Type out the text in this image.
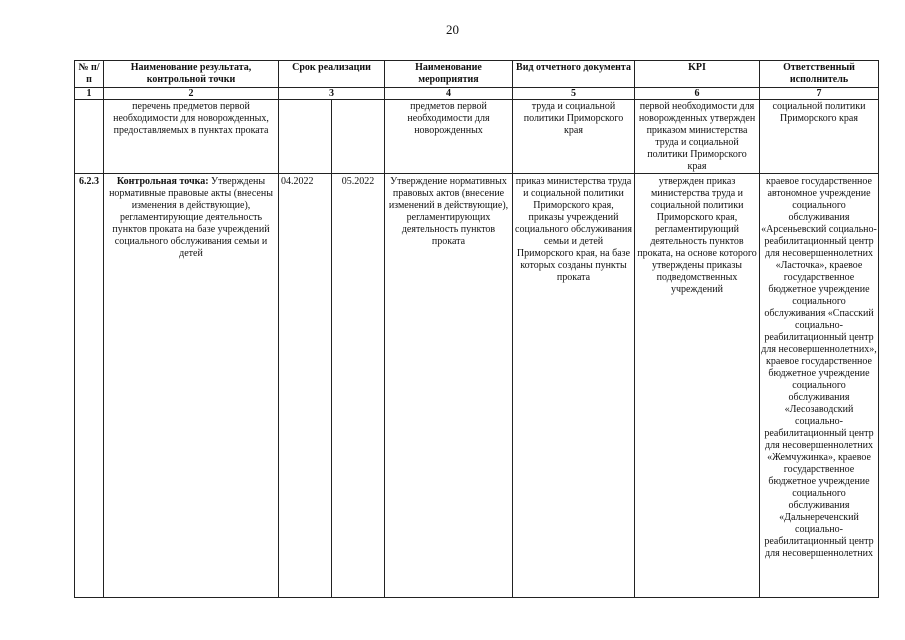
20
№ п/п	Наименование результата, контрольной точки	Срок реализации		Наименование мероприятия	Вид отчетного документа	KPI	Ответственный исполнитель
1	2	3		4	5	6	7
	перечень предметов первой необходимости для новорожденных, предоставляемых в пунктах проката			предметов первой необходимости для новорожденных	труда и социальной политики Приморского края	первой необходимости для новорожденных утвержден приказом министерства труда и социальной политики Приморского края	социальной политики Приморского края
6.2.3	Контрольная точка: Утверждены нормативные правовые акты (внесены изменения в действующие), регламентирующие деятельность пунктов проката на базе учреждений социального обслуживания семьи и детей	04.2022	05.2022	Утверждение нормативных правовых актов (внесение изменений в действующие), регламентирующих деятельность пунктов проката	приказ министерства труда и социальной политики Приморского края, приказы учреждений социального обслуживания семьи и детей Приморского края, на базе которых созданы пункты проката	утвержден приказ министерства труда и социальной политики Приморского края, регламентирующий деятельность пунктов проката, на основе которого утверждены приказы подведомственных учреждений	краевое государственное автономное учреждение социального обслуживания «Арсеньевский социально-реабилитационный центр для несовершеннолетних «Ласточка», краевое государственное бюджетное учреждение социального обслуживания «Спасский социально-реабилитационный центр для несовершеннолетних», краевое государственное бюджетное учреждение социального обслуживания «Лесозаводский социально-реабилитационный центр для несовершеннолетних «Жемчужинка», краевое государственное бюджетное учреждение социального обслуживания «Дальнереченский социально-реабилитационный центр для несовершеннолетних
